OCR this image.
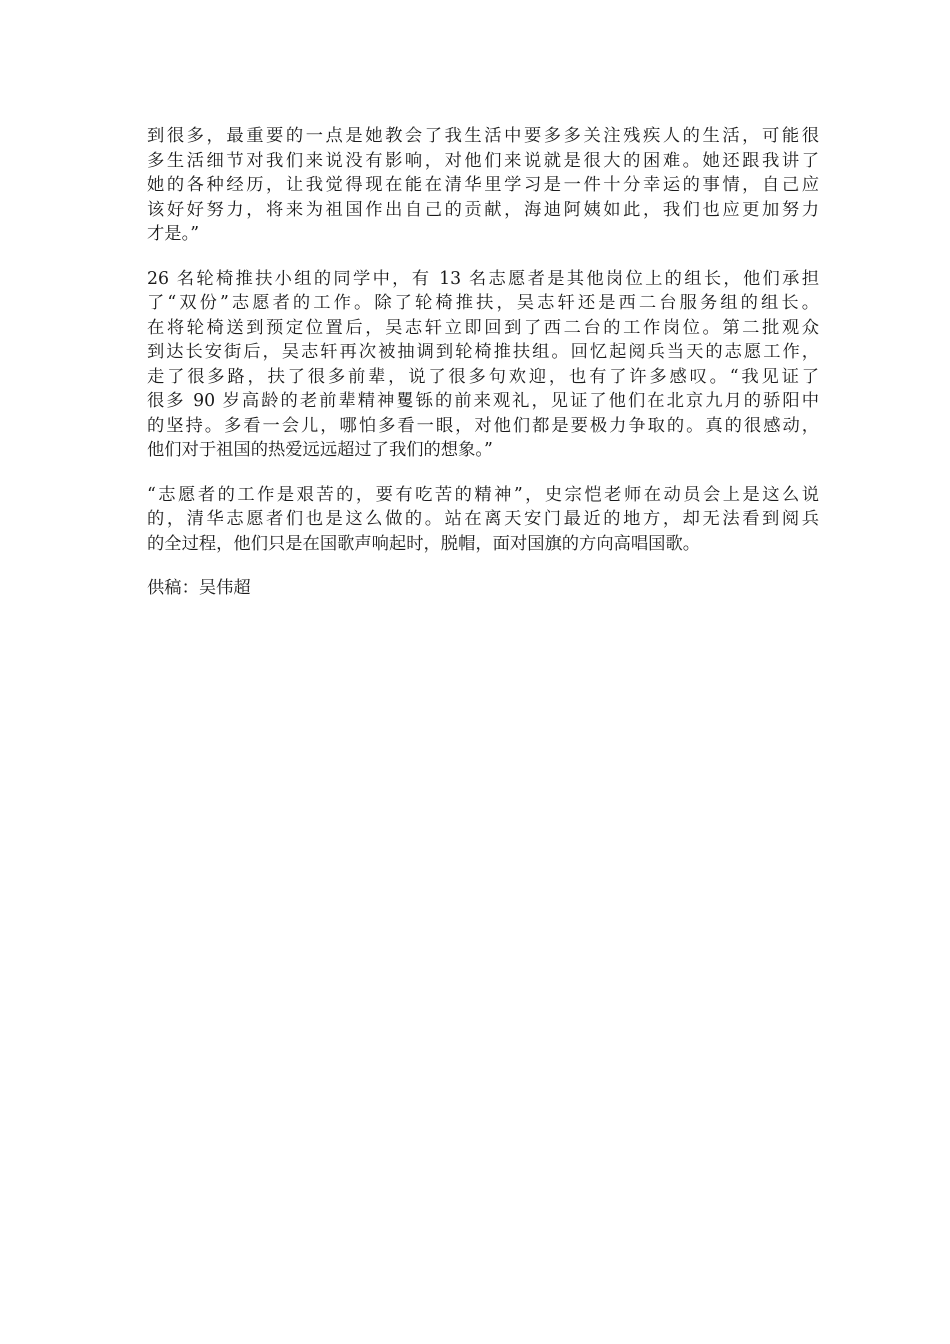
到很多，最重要的一点是她教会了我生活中要多多关注残疾人的生活，可能很
多生活细节对我们来说没有影响，对他们来说就是很大的困难。她还跟我讲了
她的各种经历，让我觉得现在能在清华里学习是一件十分幸运的事情，自己应
该好好努力，将来为祖国作出自己的贡献，海迪阿姨如此，我们也应更加努力
才是。”

26 名轮椅推扶小组的同学中，有 13 名志愿者是其他岗位上的组长，他们承担
了“双份”志愿者的工作。除了轮椅推扶，吴志轩还是西二台服务组的组长。
在将轮椅送到预定位置后，吴志轩立即回到了西二台的工作岗位。第二批观众
到达长安街后，吴志轩再次被抽调到轮椅推扶组。回忆起阅兵当天的志愿工作，
走了很多路，扶了很多前辈，说了很多句欢迎，也有了许多感叹。“我见证了
很多 90 岁高龄的老前辈精神矍铄的前来观礼，见证了他们在北京九月的骄阳中
的坚持。多看一会儿，哪怕多看一眼，对他们都是要极力争取的。真的很感动，
他们对于祖国的热爱远远超过了我们的想象。”

“志愿者的工作是艰苦的，要有吃苦的精神”，史宗恺老师在动员会上是这么说
的，清华志愿者们也是这么做的。站在离天安门最近的地方，却无法看到阅兵
的全过程，他们只是在国歌声响起时，脱帽，面对国旗的方向高唱国歌。

供稿：吴伟超
